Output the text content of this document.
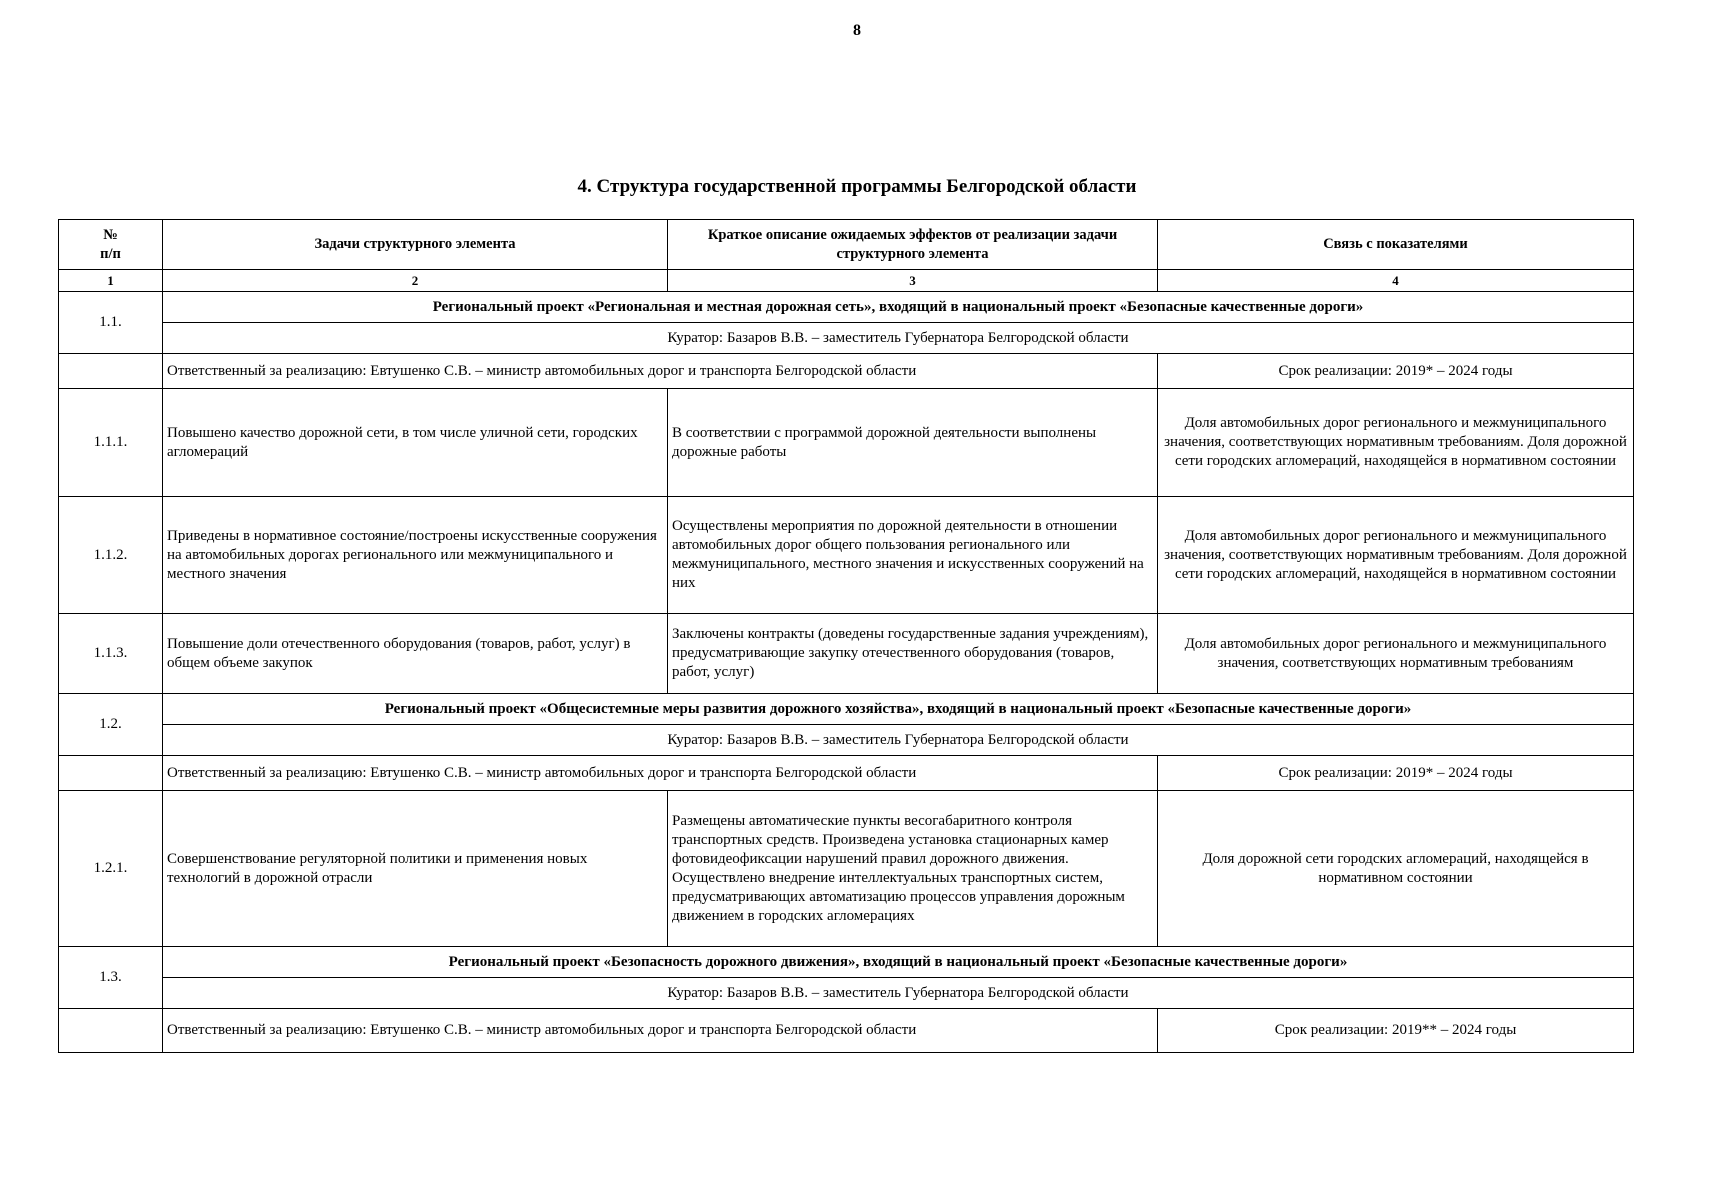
8
4. Структура государственной программы Белгородской области
№
п/п	Задачи структурного элемента	Краткое описание ожидаемых эффектов от реализации задачи структурного элемента	Связь с показателями
1	2	3	4
1.1.	Региональный проект «Региональная и местная дорожная сеть», входящий в национальный проект «Безопасные качественные дороги»		
	Куратор: Базаров В.В. – заместитель Губернатора Белгородской области		
	Ответственный за реализацию: Евтушенко С.В. – министр автомобильных дорог и транспорта Белгородской области		Срок реализации: 2019* – 2024 годы
1.1.1.	Повышено качество дорожной сети, в том числе уличной сети, городских агломераций	В соответствии с программой дорожной деятельности выполнены дорожные работы	Доля автомобильных дорог регионального и межмуниципального значения, соответствующих нормативным требованиям. Доля дорожной сети городских агломераций, находящейся в нормативном состоянии
1.1.2.	Приведены в нормативное состояние/построены искусственные сооружения на автомобильных дорогах регионального или межмуниципального и местного значения	Осуществлены мероприятия по дорожной деятельности в отношении автомобильных дорог общего пользования регионального или межмуниципального, местного значения и искусственных сооружений на них	Доля автомобильных дорог регионального и межмуниципального значения, соответствующих нормативным требованиям. Доля дорожной сети городских агломераций, находящейся в нормативном состоянии
1.1.3.	Повышение доли отечественного оборудования (товаров, работ, услуг) в общем объеме закупок	Заключены контракты (доведены государственные задания учреждениям), предусматривающие закупку отечественного оборудования (товаров, работ, услуг)	Доля автомобильных дорог регионального и межмуниципального значения, соответствующих нормативным требованиям
1.2.	Региональный проект «Общесистемные меры развития дорожного хозяйства», входящий в национальный проект «Безопасные качественные дороги»		
	Куратор: Базаров В.В. – заместитель Губернатора Белгородской области		
	Ответственный за реализацию: Евтушенко С.В. – министр автомобильных дорог и транспорта Белгородской области		Срок реализации: 2019* – 2024 годы
1.2.1.	Совершенствование регуляторной политики и применения новых технологий в дорожной отрасли	Размещены автоматические пункты весогабаритного контроля транспортных средств. Произведена установка стационарных камер фотовидеофиксации нарушений правил дорожного движения. Осуществлено внедрение интеллектуальных транспортных систем, предусматривающих автоматизацию процессов управления дорожным движением в городских агломерациях	Доля дорожной сети городских агломераций, находящейся в нормативном состоянии
1.3.	Региональный проект «Безопасность дорожного движения», входящий в национальный проект «Безопасные качественные дороги»		
	Куратор: Базаров В.В. – заместитель Губернатора Белгородской области		
	Ответственный за реализацию: Евтушенко С.В. – министр автомобильных дорог и транспорта Белгородской области		Срок реализации: 2019** – 2024 годы
